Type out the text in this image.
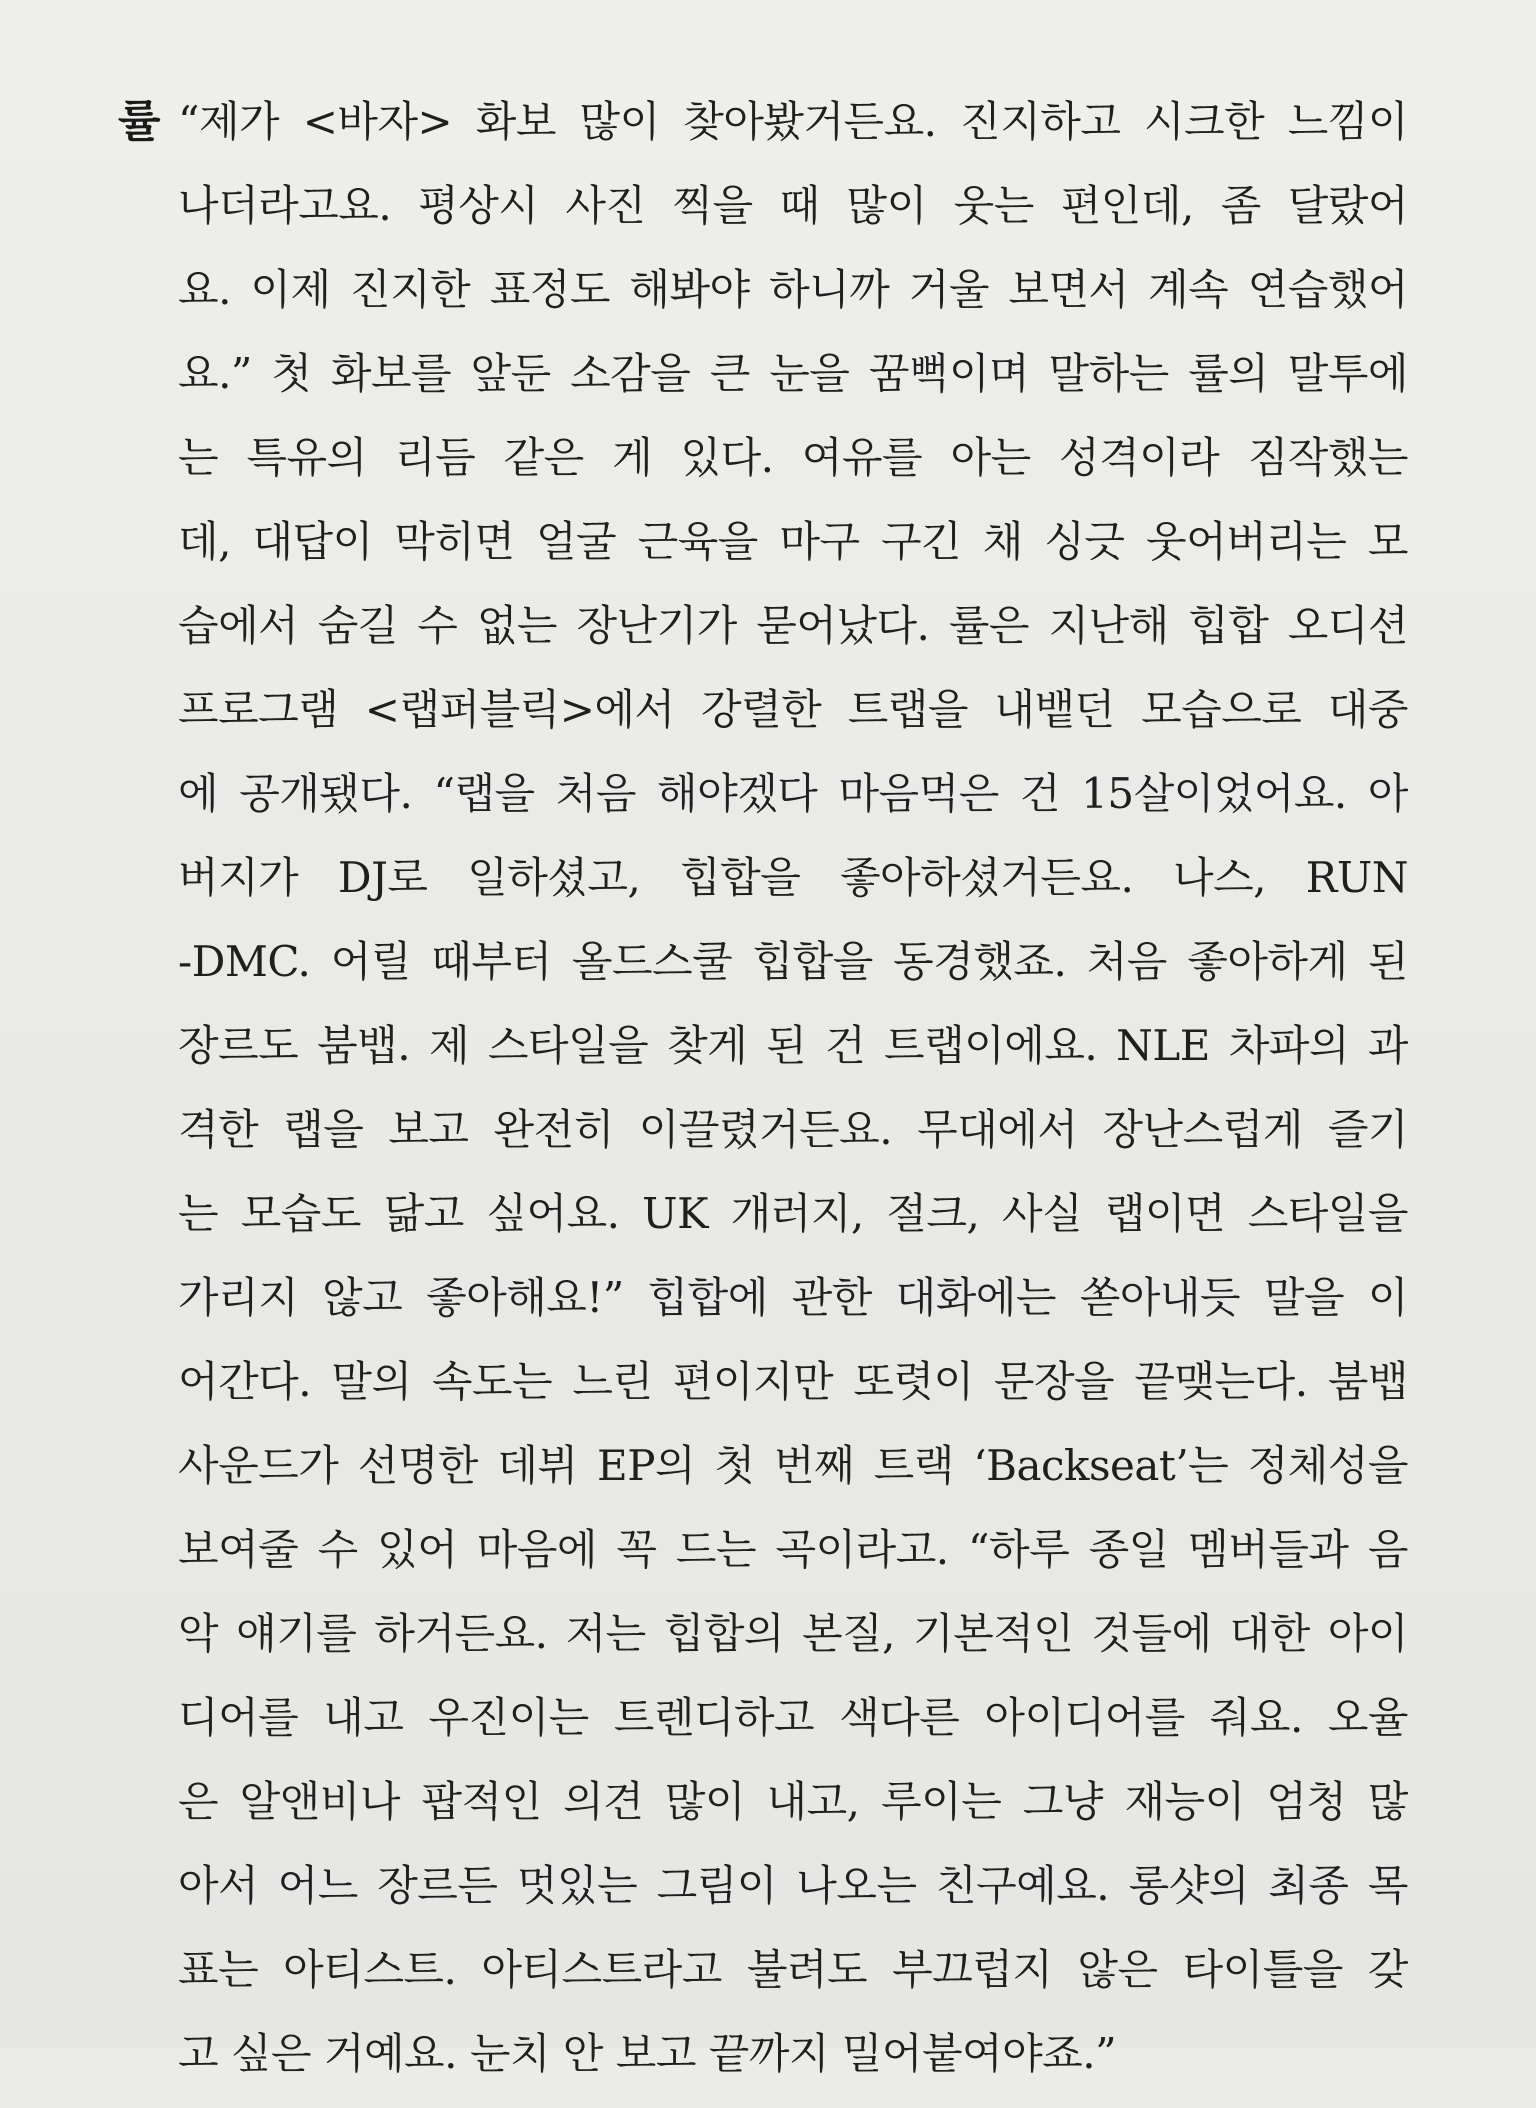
률 “제가 <바자> 화보 많이 찾아봤거든요. 진지하고 시크한 느낌이
나더라고요. 평상시 사진 찍을 때 많이 웃는 편인데, 좀 달랐어
요. 이제 진지한 표정도 해봐야 하니까 거울 보면서 계속 연습했어
요.” 첫 화보를 앞둔 소감을 큰 눈을 꿈뻑이며 말하는 률의 말투에
는 특유의 리듬 같은 게 있다. 여유를 아는 성격이라 짐작했는
데, 대답이 막히면 얼굴 근육을 마구 구긴 채 싱긋 웃어버리는 모
습에서 숨길 수 없는 장난기가 묻어났다. 률은 지난해 힙합 오디션
프로그램 <랩퍼블릭>에서 강렬한 트랩을 내뱉던 모습으로 대중
에 공개됐다. “랩을 처음 해야겠다 마음먹은 건 15살이었어요. 아
버지가 DJ로 일하셨고, 힙합을 좋아하셨거든요. 나스, RUN
-DMC. 어릴 때부터 올드스쿨 힙합을 동경했죠. 처음 좋아하게 된
장르도 붐뱁. 제 스타일을 찾게 된 건 트랩이에요. NLE 차파의 과
격한 랩을 보고 완전히 이끌렸거든요. 무대에서 장난스럽게 즐기
는 모습도 닮고 싶어요. UK 개러지, 절크, 사실 랩이면 스타일을
가리지 않고 좋아해요!” 힙합에 관한 대화에는 쏟아내듯 말을 이
어간다. 말의 속도는 느린 편이지만 또렷이 문장을 끝맺는다. 붐뱁
사운드가 선명한 데뷔 EP의 첫 번째 트랙 ‘Backseat’는 정체성을
보여줄 수 있어 마음에 꼭 드는 곡이라고. “하루 종일 멤버들과 음
악 얘기를 하거든요. 저는 힙합의 본질, 기본적인 것들에 대한 아이
디어를 내고 우진이는 트렌디하고 색다른 아이디어를 줘요. 오율
은 알앤비나 팝적인 의견 많이 내고, 루이는 그냥 재능이 엄청 많
아서 어느 장르든 멋있는 그림이 나오는 친구예요. 롱샷의 최종 목
표는 아티스트. 아티스트라고 불려도 부끄럽지 않은 타이틀을 갖
고 싶은 거예요. 눈치 안 보고 끝까지 밀어붙여야죠.”
